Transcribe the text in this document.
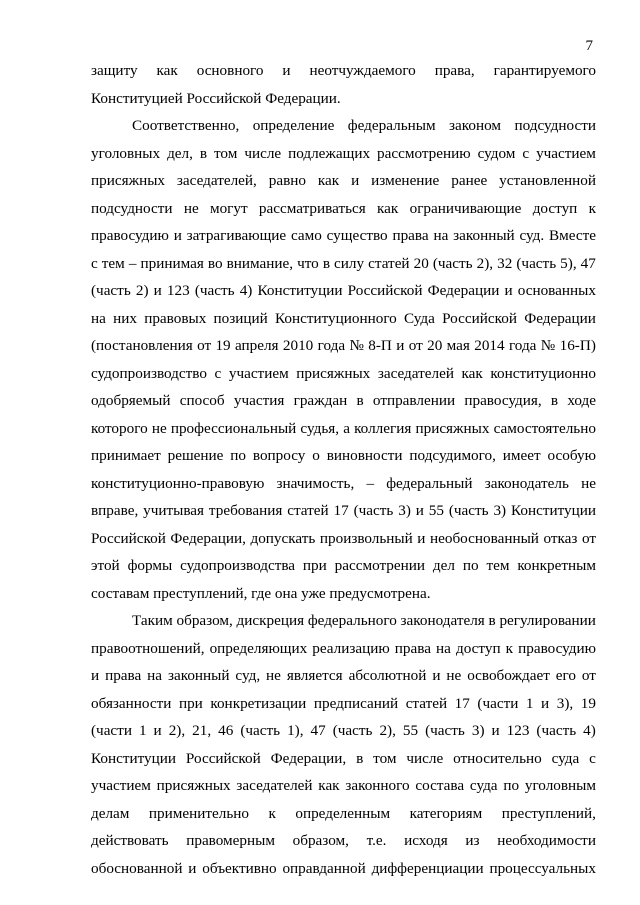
7
защиту как основного и неотчуждаемого права, гарантируемого
Конституцией Российской Федерации.
Соответственно, определение федеральным законом подсудности
уголовных дел, в том числе подлежащих рассмотрению судом с участием
присяжных заседателей, равно как и изменение ранее установленной
подсудности не могут рассматриваться как ограничивающие доступ к
правосудию и затрагивающие само существо права на законный суд. Вместе
с тем – принимая во внимание, что в силу статей 20 (часть 2), 32 (часть 5), 47
(часть 2) и 123 (часть 4) Конституции Российской Федерации и основанных
на них правовых позиций Конституционного Суда Российской Федерации
(постановления от 19 апреля 2010 года № 8-П и от 20 мая 2014 года № 16-П)
судопроизводство с участием присяжных заседателей как конституционно
одобряемый способ участия граждан в отправлении правосудия, в ходе
которого не профессиональный судья, а коллегия присяжных самостоятельно
принимает решение по вопросу о виновности подсудимого, имеет особую
конституционно-правовую значимость, – федеральный законодатель не
вправе, учитывая требования статей 17 (часть 3) и 55 (часть 3) Конституции
Российской Федерации, допускать произвольный и необоснованный отказ от
этой формы судопроизводства при рассмотрении дел по тем конкретным
составам преступлений, где она уже предусмотрена.
Таким образом, дискреция федерального законодателя в регулировании
правоотношений, определяющих реализацию права на доступ к правосудию
и права на законный суд, не является абсолютной и не освобождает его от
обязанности при конкретизации предписаний статей 17 (части 1 и 3), 19
(части 1 и 2), 21, 46 (часть 1), 47 (часть 2), 55 (часть 3) и 123 (часть 4)
Конституции Российской Федерации, в том числе относительно суда с
участием присяжных заседателей как законного состава суда по уголовным
делам применительно к определенным категориям преступлений,
действовать правомерным образом, т.е. исходя из необходимости
обоснованной и объективно оправданной дифференциации процессуальных
